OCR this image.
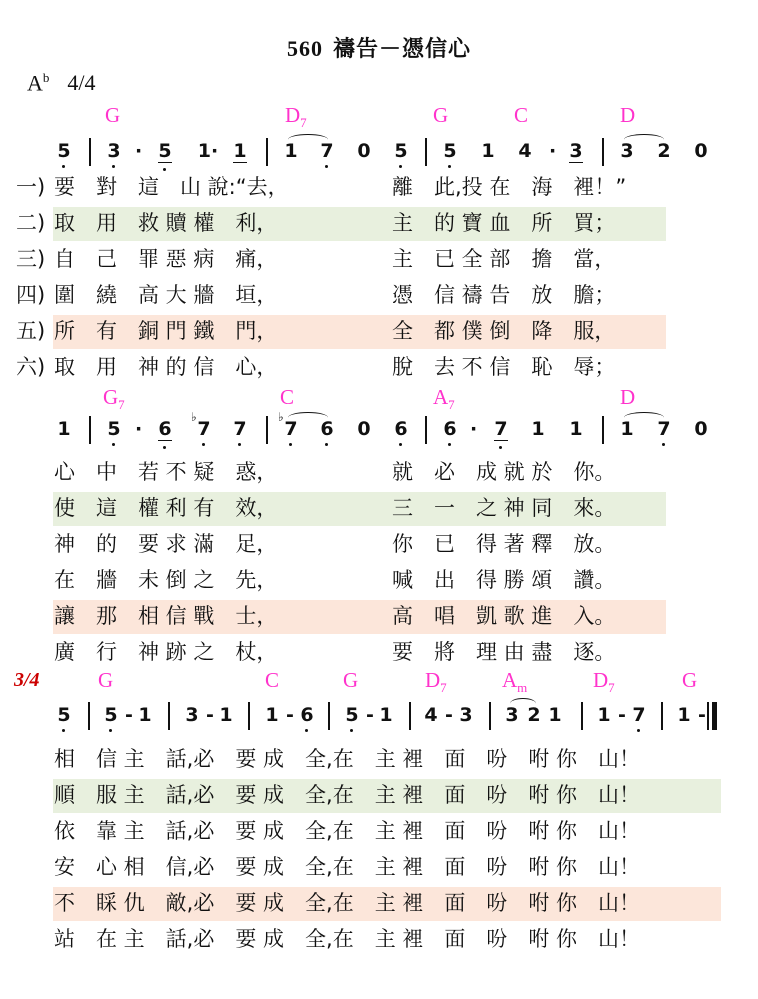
560 禱告－憑信心
$A^b$ 4/4
G	$D_7$	G	C	D
5 3 · 5 1· 1 1 7 0 5 5 1 4 · 3 3 2 0
一) 要　對　這　山 說:“去，	離　此,投 在　海　裡！”
二) 取　用　救 贖 權　利，	主　的 寶 血　所　買；
三) 自　己　罪 惡 病　痛，	主　已 全 部　擔　當，
四) 圍　繞　高 大 牆　垣，	憑　信 禱 告　放　膽；
五) 所　有　銅 門 鐵　門，	全　都 僕 倒　降　服，
六) 取　用　神 的 信　心，	脫　去 不 信　恥　辱；
$G_7$	C	$A_7$	D
1 5 · 6 7
♭
7 7
♭
6 0 6 6 · 7 1 1 1 7 0
心　中　若 不 疑　惑，	就　必　成 就 於　你。
使　這　權 利 有　效，	三　一　之 神 同　來。
神　的　要 求 滿　足，	你　已　得 著 釋　放。
在　牆　未 倒 之　先，	喊　出　得 勝 頌　讚。
讓　那　相 信 戰　士，	高　唱　凱 歌 進　入。
廣　行　神 跡 之　杖，	要　將　理 由 盡　逐。
3/4	G	C	G	$D_7$	$A_m$	$D_7$	G
5 5 - 1 3 - 1 1 - 6 5 - 1 4 - 3 3 2 1 1 - 7 1 -
相　信 主　話,必　要 成　全,在　主 裡　面　吩　咐 你　山！
順　服 主　話,必　要 成　全,在　主 裡　面　吩　咐 你　山！
依　靠 主　話,必　要 成　全,在　主 裡　面　吩　咐 你　山！
安　心 相　信,必　要 成　全,在　主 裡　面　吩　咐 你　山！
不　睬 仇　敵,必　要 成　全,在　主 裡　面　吩　咐 你　山！
站　在 主　話,必　要 成　全,在　主 裡　面　吩　咐 你　山！
